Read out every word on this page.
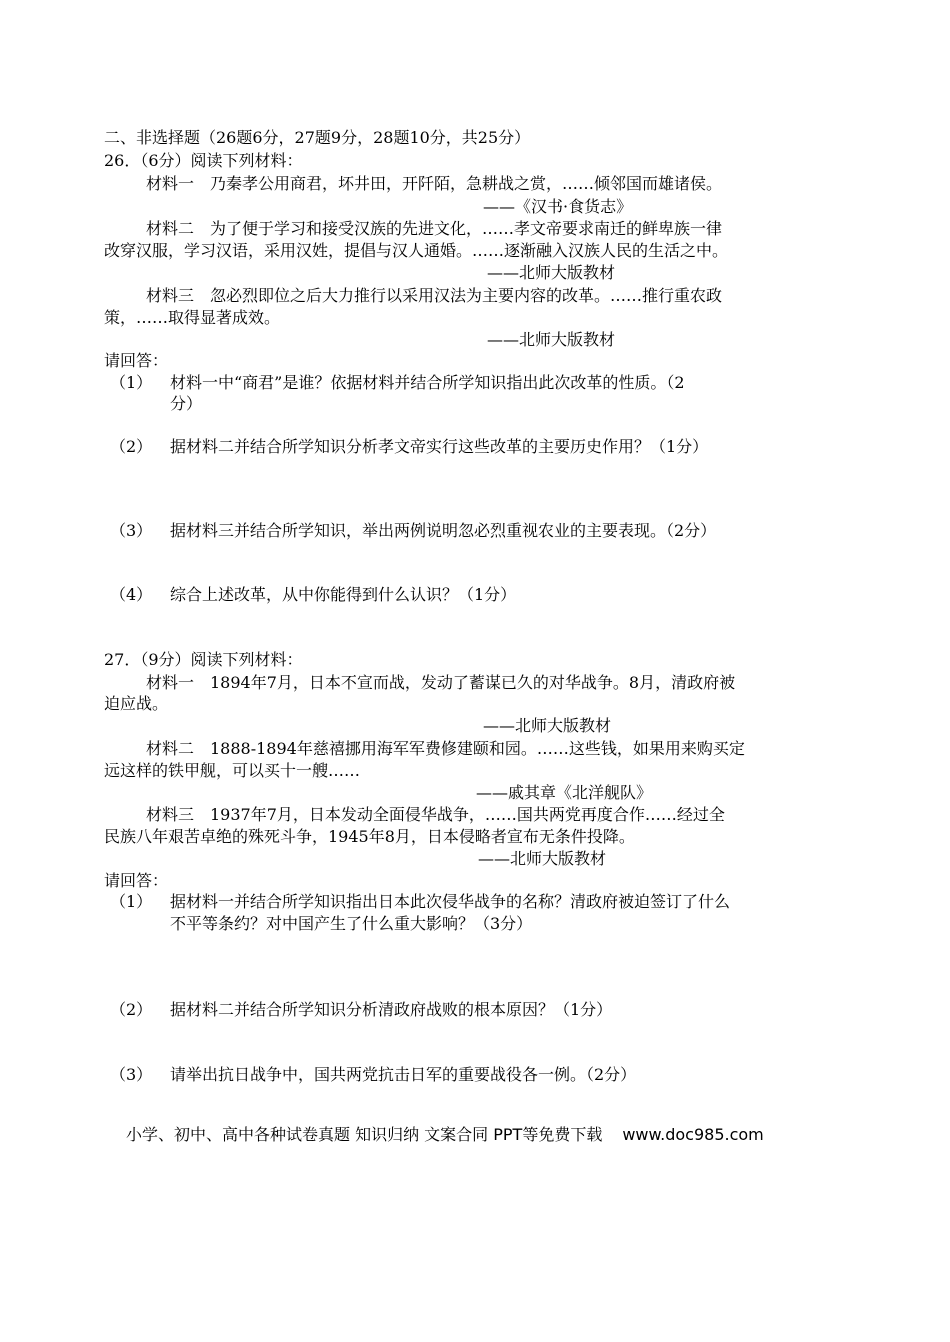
二、非选择题（26题6分，27题9分，28题10分，共25分）
26．（6分）阅读下列材料：
材料一　乃秦孝公用商君，坏井田，开阡陌，急耕战之赏，……倾邻国而雄诸侯。
——《汉书·食货志》
材料二　为了便于学习和接受汉族的先进文化，……孝文帝要求南迁的鲜卑族一律
改穿汉服，学习汉语，采用汉姓，提倡与汉人通婚。……逐渐融入汉族人民的生活之中。
——北师大版教材
材料三　忽必烈即位之后大力推行以采用汉法为主要内容的改革。……推行重农政
策，……取得显著成效。
——北师大版教材
请回答：
（1） 材料一中“商君”是谁？依据材料并结合所学知识指出此次改革的性质。（2
分）
（2） 据材料二并结合所学知识分析孝文帝实行这些改革的主要历史作用？（1分）
（3） 据材料三并结合所学知识，举出两例说明忽必烈重视农业的主要表现。（2分）
（4） 综合上述改革，从中你能得到什么认识？（1分）
27．（9分）阅读下列材料：
材料一　1894年7月，日本不宣而战，发动了蓄谋已久的对华战争。8月，清政府被
迫应战。
——北师大版教材
材料二　1888-1894年慈禧挪用海军军费修建颐和园。……这些钱，如果用来购买定
远这样的铁甲舰，可以买十一艘……
——戚其章《北洋舰队》
材料三　1937年7月，日本发动全面侵华战争，……国共两党再度合作……经过全
民族八年艰苦卓绝的殊死斗争，1945年8月，日本侵略者宣布无条件投降。
——北师大版教材
请回答：
（1） 据材料一并结合所学知识指出日本此次侵华战争的名称？清政府被迫签订了什么
不平等条约？对中国产生了什么重大影响？（3分）
（2） 据材料二并结合所学知识分析清政府战败的根本原因？（1分）
（3） 请举出抗日战争中，国共两党抗击日军的重要战役各一例。（2分）
小学、初中、高中各种试卷真题 知识归纳 文案合同 PPT等免费下载 www.doc985.com
